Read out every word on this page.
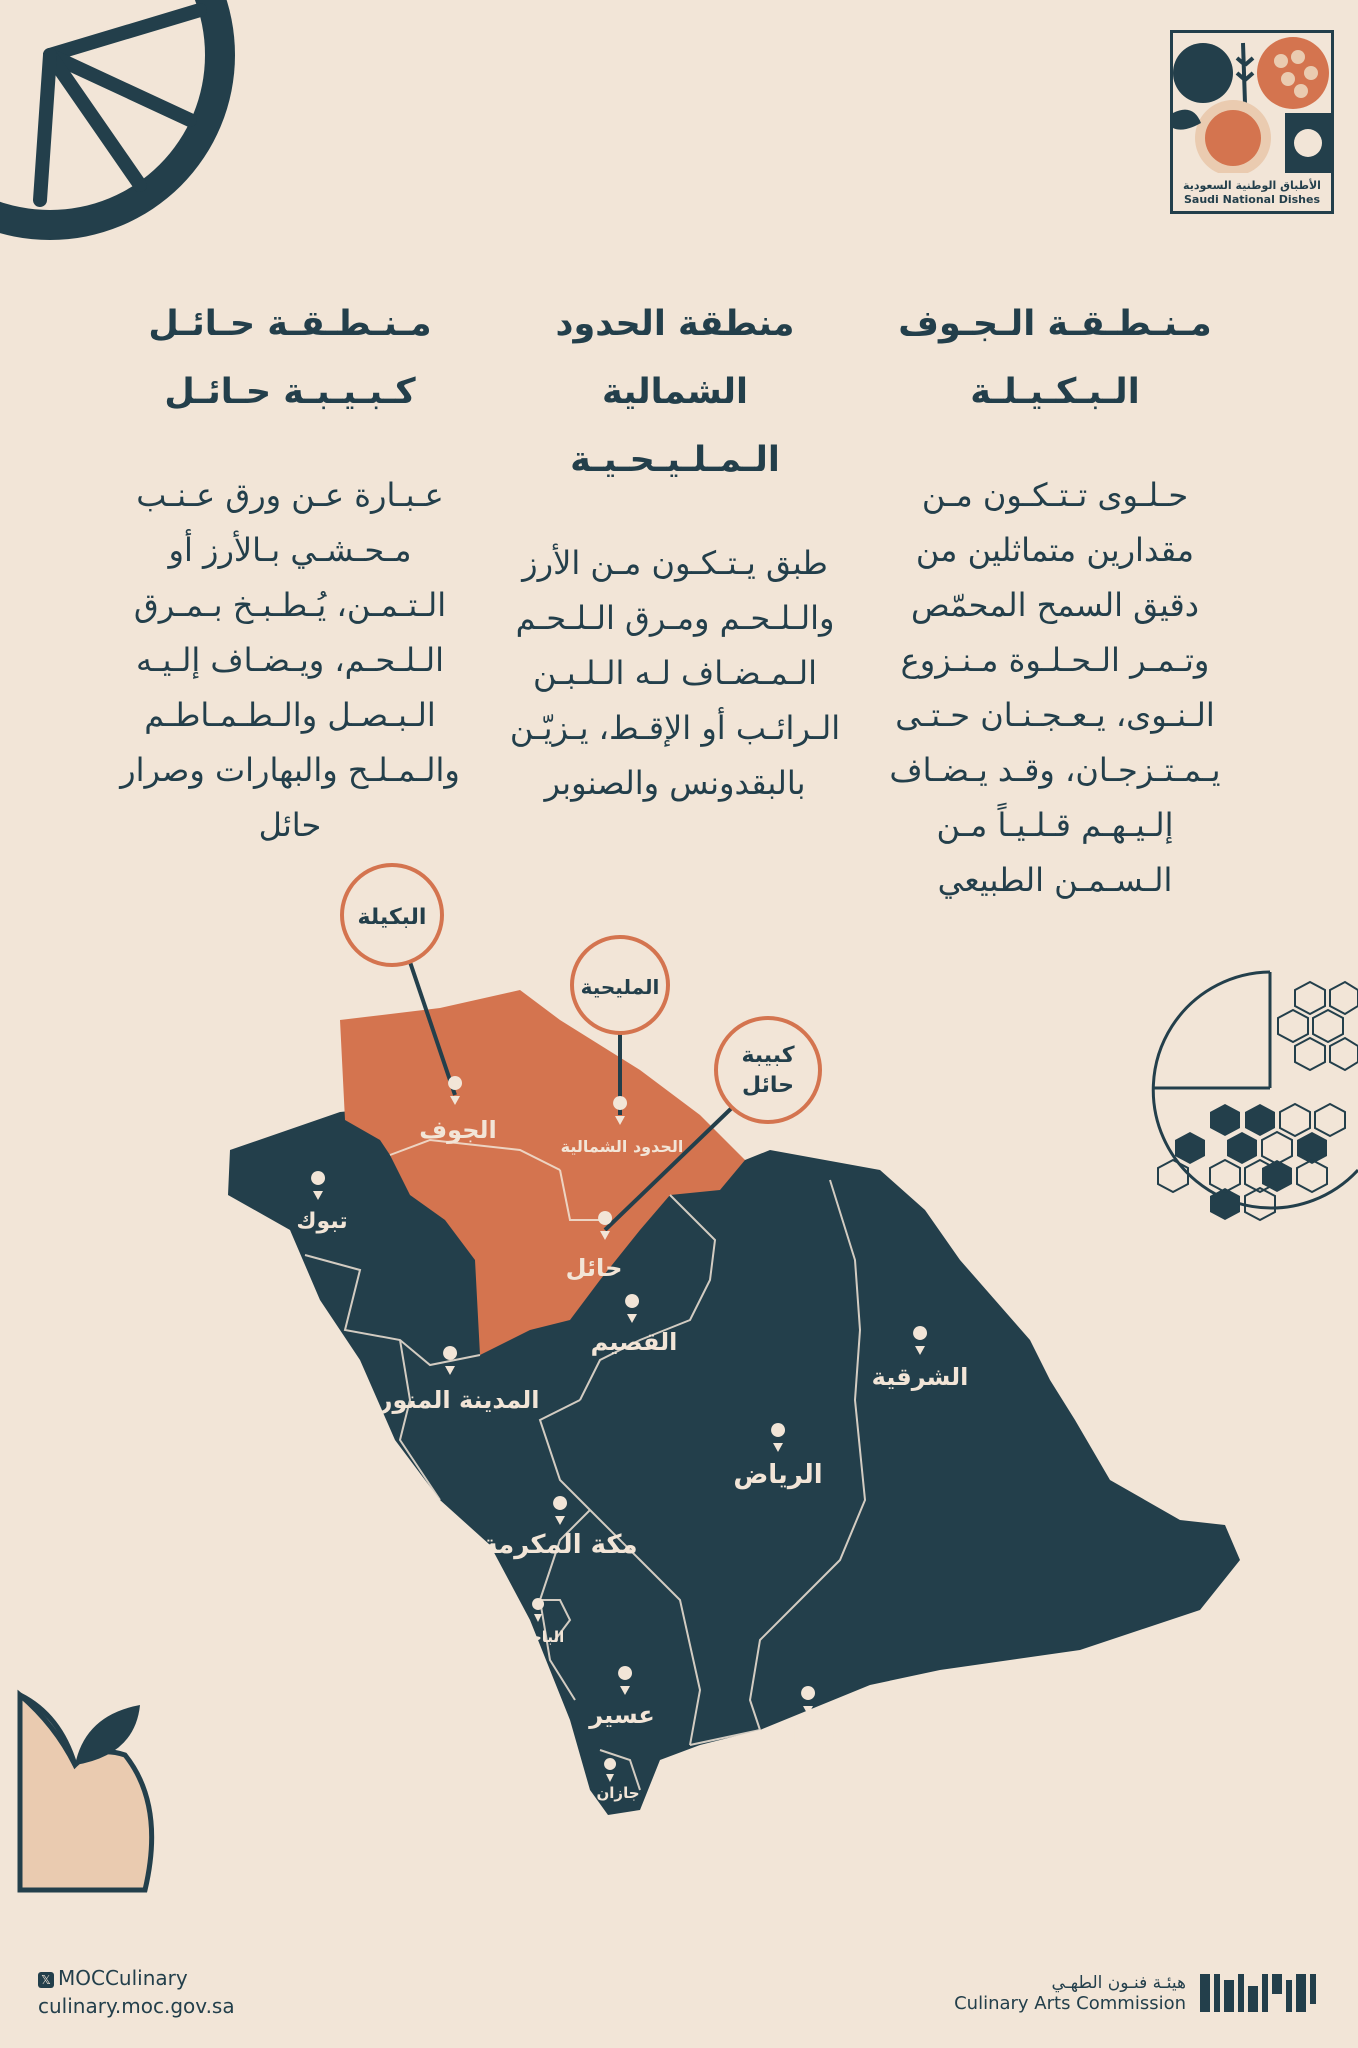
الأطباق الوطنية السعودية
Saudi National Dishes
مـنـطـقـة الـجـوف
الـبـكـيـلـة

حـلـوى تـتـكـون مـن مقدارين متماثلين من دقيق السمح المحمّص وتـمـر الـحـلـوة مـنـزوع الـنـوى، يـعـجـنـان حـتـى يـمـتـزجـان، وقـد يـضـاف إلـيـهـم قـلـيـاً مـن الـسـمـن الطبيعي

منطقة الحدود الشمالية
الـمـلـيـحـيـة

طبق يـتـكـون مـن الأرز والـلـحـم ومـرق الـلـحـم الـمـضـاف لـه الـلـبـن الـرائـب أو الإقـط، يـزيّـن بالبقدونس والصنوبر

مـنـطـقـة حـائـل
كـبـيـبـة حـائـل

عـبـارة عـن ورق عـنـب مـحـشـي بـالأرز أو الـتـمـن، يُـطـبـخ بـمـرق الـلـحـم، ويـضـاف إلـيـه الـبـصـل والـطـمـاطـم والـمـلـح والبهارات وصرار حائل

البكيلة
المليحية
كبيبة
حائل
الجوف
الحدود الشمالية
تبوك
حائل
القصيم
المدينة المنورة
الشرقية
الرياض
مكة المكرمة
الباحة
عسير
نجران
جازان
𝕏 MOCCulinary
culinary.moc.gov.sa
هيئـة فنـون الطهـي
Culinary Arts Commission
